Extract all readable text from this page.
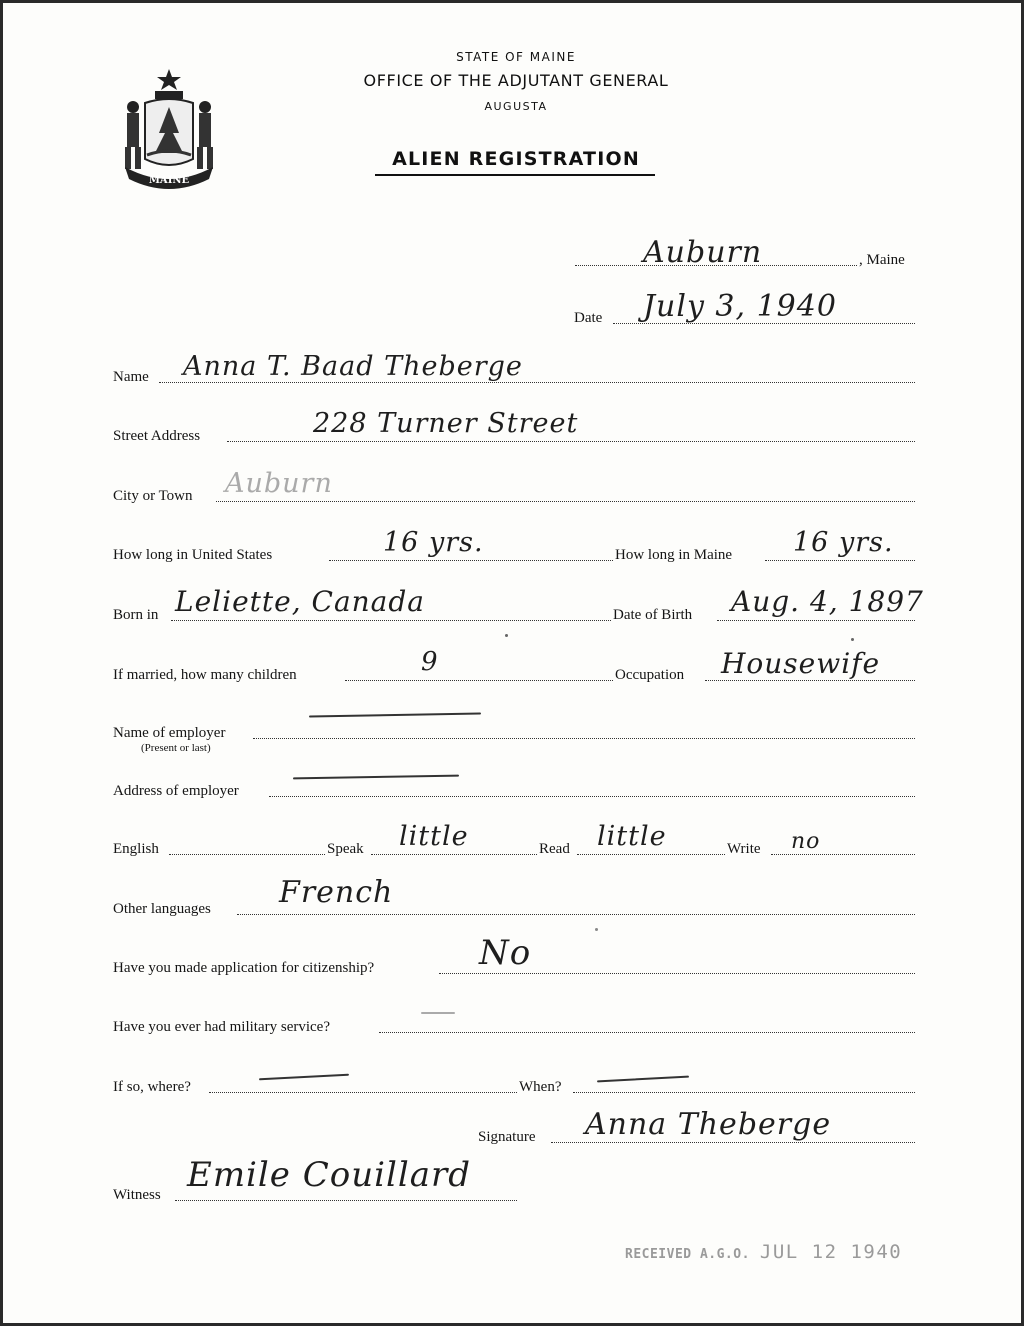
MAINE
STATE OF MAINE
OFFICE OF THE ADJUTANT GENERAL
AUGUSTA
ALIEN REGISTRATION
Auburn	, Maine
Date July 3, 1940
Name Anna T. Baad Theberge
Street Address	228 Turner Street
City or Town Auburn
How long in United States	16 yrs.	How long in Maine 16 yrs.
Born in Leliette, Canada	Date of Birth Aug. 4, 1897
If married, how many children	9	Occupation Housewife
Name of employer
(Present or last)
Address of employer
English	Speak little	Read little	Write no
Other languages French
Have you made application for citizenship?	No
Have you ever had military service?
If so, where?	When?
Signature Anna Theberge
Witness Emile Couillard
RECEIVED A.G.O. JUL 12 1940
